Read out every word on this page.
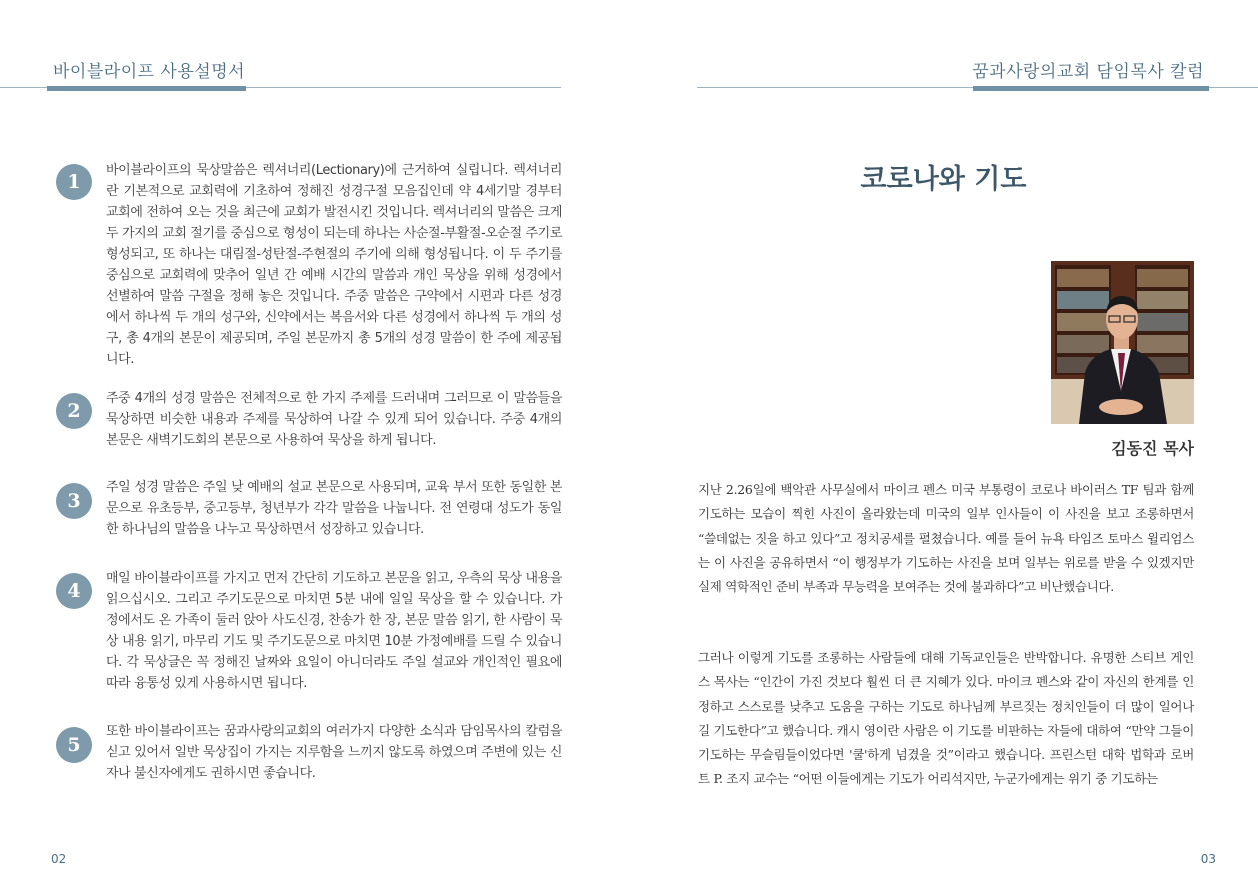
바이블라이프 사용설명서
1

바이블라이프의 묵상말씀은 렉셔너리(Lectionary)에 근거하여 실립니다. 렉셔너리란 기본적으로 교회력에 기초하여 정해진 성경구절 모음집인데 약 4세기말 경부터 교회에 전하여 오는 것을 최근에 교회가 발전시킨 것입니다. 렉셔너리의 말씀은 크게 두 가지의 교회 절기를 중심으로 형성이 되는데 하나는 사순절-부활절-오순절 주기로 형성되고, 또 하나는 대림절-성탄절-주현절의 주기에 의해 형성됩니다. 이 두 주기를 중심으로 교회력에 맞추어 일년 간 예배 시간의 말씀과 개인 묵상을 위해 성경에서 선별하여 말씀 구절을 정해 놓은 것입니다. 주중 말씀은 구약에서 시편과 다른 성경에서 하나씩 두 개의 성구와, 신약에서는 복음서와 다른 성경에서 하나씩 두 개의 성구, 총 4개의 본문이 제공되며, 주일 본문까지 총 5개의 성경 말씀이 한 주에 제공됩니다.

2

주중 4개의 성경 말씀은 전체적으로 한 가지 주제를 드러내며 그러므로 이 말씀들을 묵상하면 비슷한 내용과 주제를 묵상하여 나갈 수 있게 되어 있습니다. 주중 4개의 본문은 새벽기도회의 본문으로 사용하여 묵상을 하게 됩니다.

3

주일 성경 말씀은 주일 낮 예배의 설교 본문으로 사용되며, 교육 부서 또한 동일한 본문으로 유초등부, 중고등부, 청년부가 각각 말씀을 나눕니다. 전 연령대 성도가 동일한 하나님의 말씀을 나누고 묵상하면서 성장하고 있습니다.

4

매일 바이블라이프를 가지고 먼저 간단히 기도하고 본문을 읽고, 우측의 묵상 내용을 읽으십시오. 그리고 주기도문으로 마치면 5분 내에 일일 묵상을 할 수 있습니다. 가정에서도 온 가족이 둘러 앉아 사도신경, 찬송가 한 장, 본문 말씀 읽기, 한 사람이 묵상 내용 읽기, 마무리 기도 및 주기도문으로 마치면 10분 가정예배를 드릴 수 있습니다. 각 묵상글은 꼭 정해진 날짜와 요일이 아니더라도 주일 설교와 개인적인 필요에 따라 융통성 있게 사용하시면 됩니다.

5

또한 바이블라이프는 꿈과사랑의교회의 여러가지 다양한 소식과 담임목사의 칼럼을 싣고 있어서 일반 묵상집이 가지는 지루함을 느끼지 않도록 하였으며 주변에 있는 신자나 불신자에게도 권하시면 좋습니다.

02
꿈과사랑의교회 담임목사 칼럼
코로나와 기도
김동진 목사

지난 2.26일에 백악관 사무실에서 마이크 펜스 미국 부통령이 코로나 바이러스 TF 팀과 함께 기도하는 모습이 찍힌 사진이 올라왔는데 미국의 일부 인사들이 이 사진을 보고 조롱하면서 “쓸데없는 짓을 하고 있다”고 정치공세를 펼쳤습니다. 예를 들어 뉴욕 타임즈 토마스 윌리엄스는 이 사진을 공유하면서 “이 행정부가 기도하는 사진을 보며 일부는 위로를 받을 수 있겠지만 실제 역학적인 준비 부족과 무능력을 보여주는 것에 불과하다”고 비난했습니다.

그러나 이렇게 기도를 조롱하는 사람들에 대해 기독교인들은 반박합니다. 유명한 스티브 게인스 목사는 “인간이 가진 것보다 훨씬 더 큰 지혜가 있다. 마이크 펜스와 같이 자신의 한계를 인정하고 스스로를 낮추고 도움을 구하는 기도로 하나님께 부르짖는 정치인들이 더 많이 일어나길 기도한다”고 했습니다. 캐시 영이란 사람은 이 기도를 비판하는 자들에 대하여 “만약 그들이 기도하는 무슬림들이었다면 '쿨'하게 넘겼을 것”이라고 했습니다. 프린스턴 대학 법학과 로버트 P. 조지 교수는 “어떤 이들에게는 기도가 어리석지만, 누군가에게는 위기 중 기도하는

03
